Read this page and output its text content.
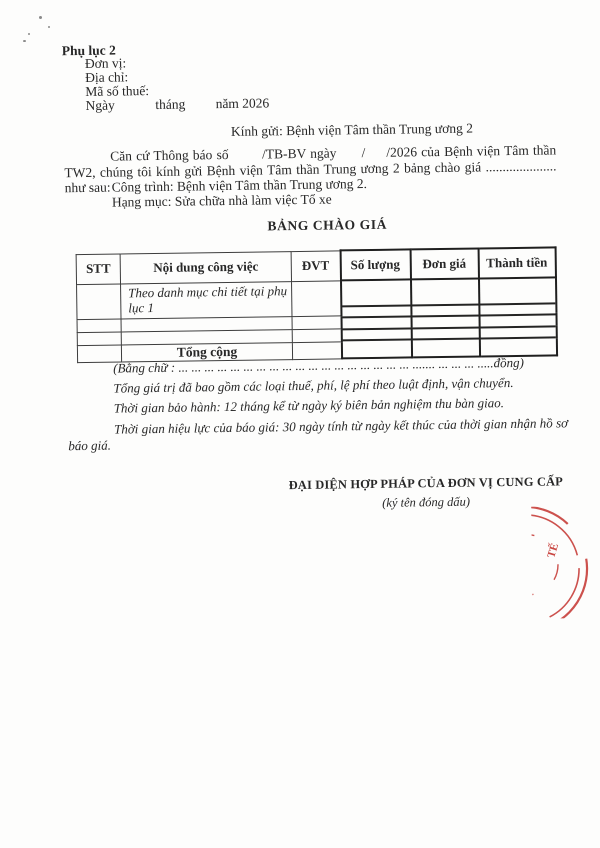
Phụ lục 2
Đơn vị:
Địa chỉ:
Mã số thuế:
Ngày            tháng         năm 2026
Kính gửi: Bệnh viện Tâm thần Trung ương 2
Căn cứ Thông báo số        /TB-BV ngày      /     /2026 của Bệnh viện Tâm thần TW2, chúng tôi kính gửi Bệnh viện Tâm thần Trung ương 2 bảng chào giá ..................... như sau: Công trình: Bệnh viện Tâm thần Trung ương 2.
Hạng mục: Sửa chữa nhà làm việc Tổ xe
BẢNG CHÀO GIÁ
STT	Nội dung công việc	ĐVT	Số lượng	Đơn giá	Thành tiền
	Theo danh mục chi tiết tại phụ lục 1				

	Tổng cộng				
(Bằng chữ : ... ... ... ... ... ... ... ... ... ... ... ... ... ... ... ... ... ... ....... ... ... ... .....đồng)
Tổng giá trị đã bao gồm các loại thuế, phí, lệ phí theo luật định, vận chuyển.
Thời gian bảo hành: 12 tháng kể từ ngày ký biên bản nghiệm thu bàn giao.
Thời gian hiệu lực của báo giá: 30 ngày tính từ ngày kết thúc của thời gian nhận hồ sơ báo giá.
ĐẠI DIỆN HỢP PHÁP CỦA ĐƠN VỊ CUNG CẤP
(ký tên đóng dấu)
TẾ
